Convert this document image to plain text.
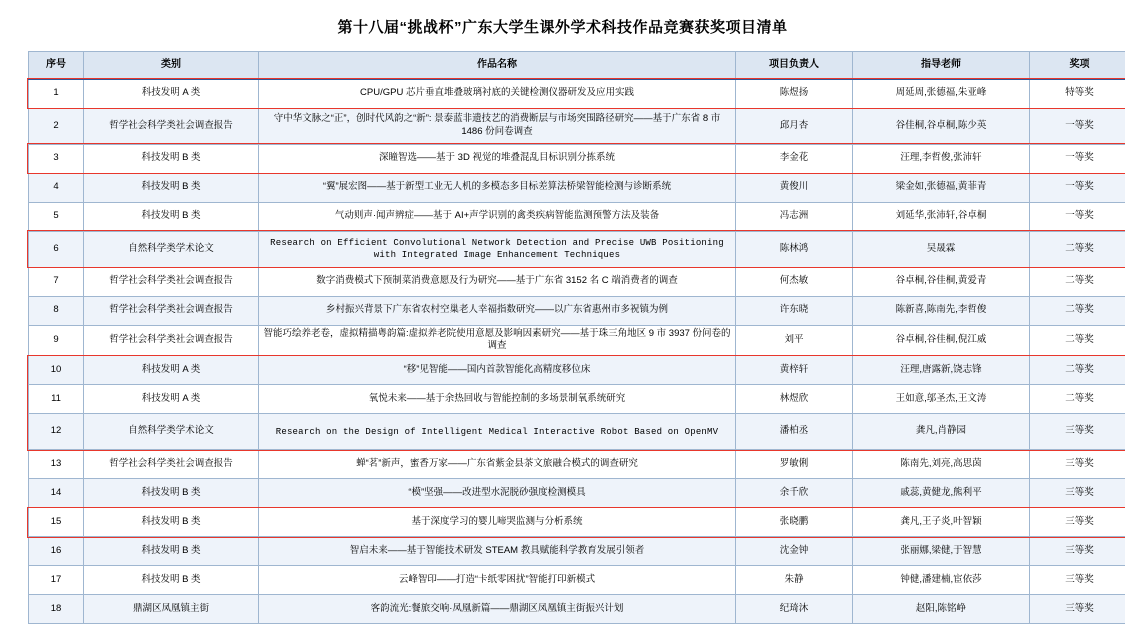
第十八届“挑战杯”广东大学生课外学术科技作品竞赛获奖项目清单
序号	类别	作品名称	项目负责人	指导老师	奖项
1	科技发明 A 类	CPU/GPU 芯片垂直堆叠玻璃衬底的关键检测仪器研发及应用实践	陈煜扬	周延周,张德福,朱亚峰	特等奖
2	哲学社会科学类社会调查报告	守中华文脉之“正”，创时代风韵之“新”: 景泰蓝非遗技艺的消费断层与市场突围路径研究——基于广东省 8 市 1486 份问卷调查	邱月杏	谷佳桐,谷卓桐,陈少英	一等奖
3	科技发明 B 类	深瞳智选——基于 3D 视觉的堆叠混乱目标识别分拣系统	李金花	汪理,李哲俊,张沛轩	一等奖
4	科技发明 B 类	“翼”展宏图——基于新型工业无人机的多模态多目标差算法桥梁智能检测与诊断系统	黄俊川	梁金如,张德福,黄菲青	一等奖
5	科技发明 B 类	气动则声·闻声辨症——基于 AI+声学识别的禽类疾病智能监测预警方法及装备	冯志洲	刘延华,张沛轩,谷卓桐	一等奖
6	自然科学类学术论文	Research on Efficient Convolutional Network Detection and Precise UWB Positioning with Integrated Image Enhancement Techniques	陈林鸿	吴晟霖	二等奖
7	哲学社会科学类社会调查报告	数字消费模式下预制菜消费意愿及行为研究——基于广东省 3152 名 C 端消费者的调查	何杰敏	谷卓桐,谷佳桐,黄爱青	二等奖
8	哲学社会科学类社会调查报告	乡村振兴背景下广东省农村空巢老人幸福指数研究——以广东省惠州市多祝镇为例	许东晓	陈新喜,陈南先,李哲俊	二等奖
9	哲学社会科学类社会调查报告	智能巧绘养老卷，虚拟精描粤韵篇:虚拟养老院使用意愿及影响因素研究——基于珠三角地区 9 市 3937 份问卷的调查	刘平	谷卓桐,谷佳桐,倪江威	二等奖
10	科技发明 A 类	“移”见智能——国内首款智能化高精度移位床	黄梓轩	汪理,唐露新,饶志锋	二等奖
11	科技发明 A 类	氧悦未来——基于余热回收与智能控制的多场景制氧系统研究	林煜欣	王如意,邬圣杰,王文涛	二等奖
12	自然科学类学术论文	Research on the Design of Intelligent Medical Interactive Robot Based on OpenMV	潘柏丞	龚凡,肖静园	三等奖
13	哲学社会科学类社会调查报告	蝉“茗”新声，蜜香万家——广东省紫金县茶文旅融合模式的调查研究	罗敏俐	陈南先,刘亮,高思茵	三等奖
14	科技发明 B 类	“模”坚强——改进型水泥脱砂强度检测模具	余千欣	戚蕊,黄健龙,熊利平	三等奖
15	科技发明 B 类	基于深度学习的婴儿啼哭监测与分析系统	张晓鹏	龚凡,王子炎,叶智颖	三等奖
16	科技发明 B 类	智启未来——基于智能技术研发 STEAM 教具赋能科学教育发展引领者	沈金钟	张丽娜,梁健,于智慧	三等奖
17	科技发明 B 类	云峰智印——打造“卡纸零困扰”智能打印新模式	朱静	钟健,潘建楠,宦依莎	三等奖
18	鼎湖区凤凰镇主街	客韵流光:餐旅交响·凤凰新篇——鼎湖区凤凰镇主街振兴计划	纪琦沐	赵阳,陈铭峥	三等奖
